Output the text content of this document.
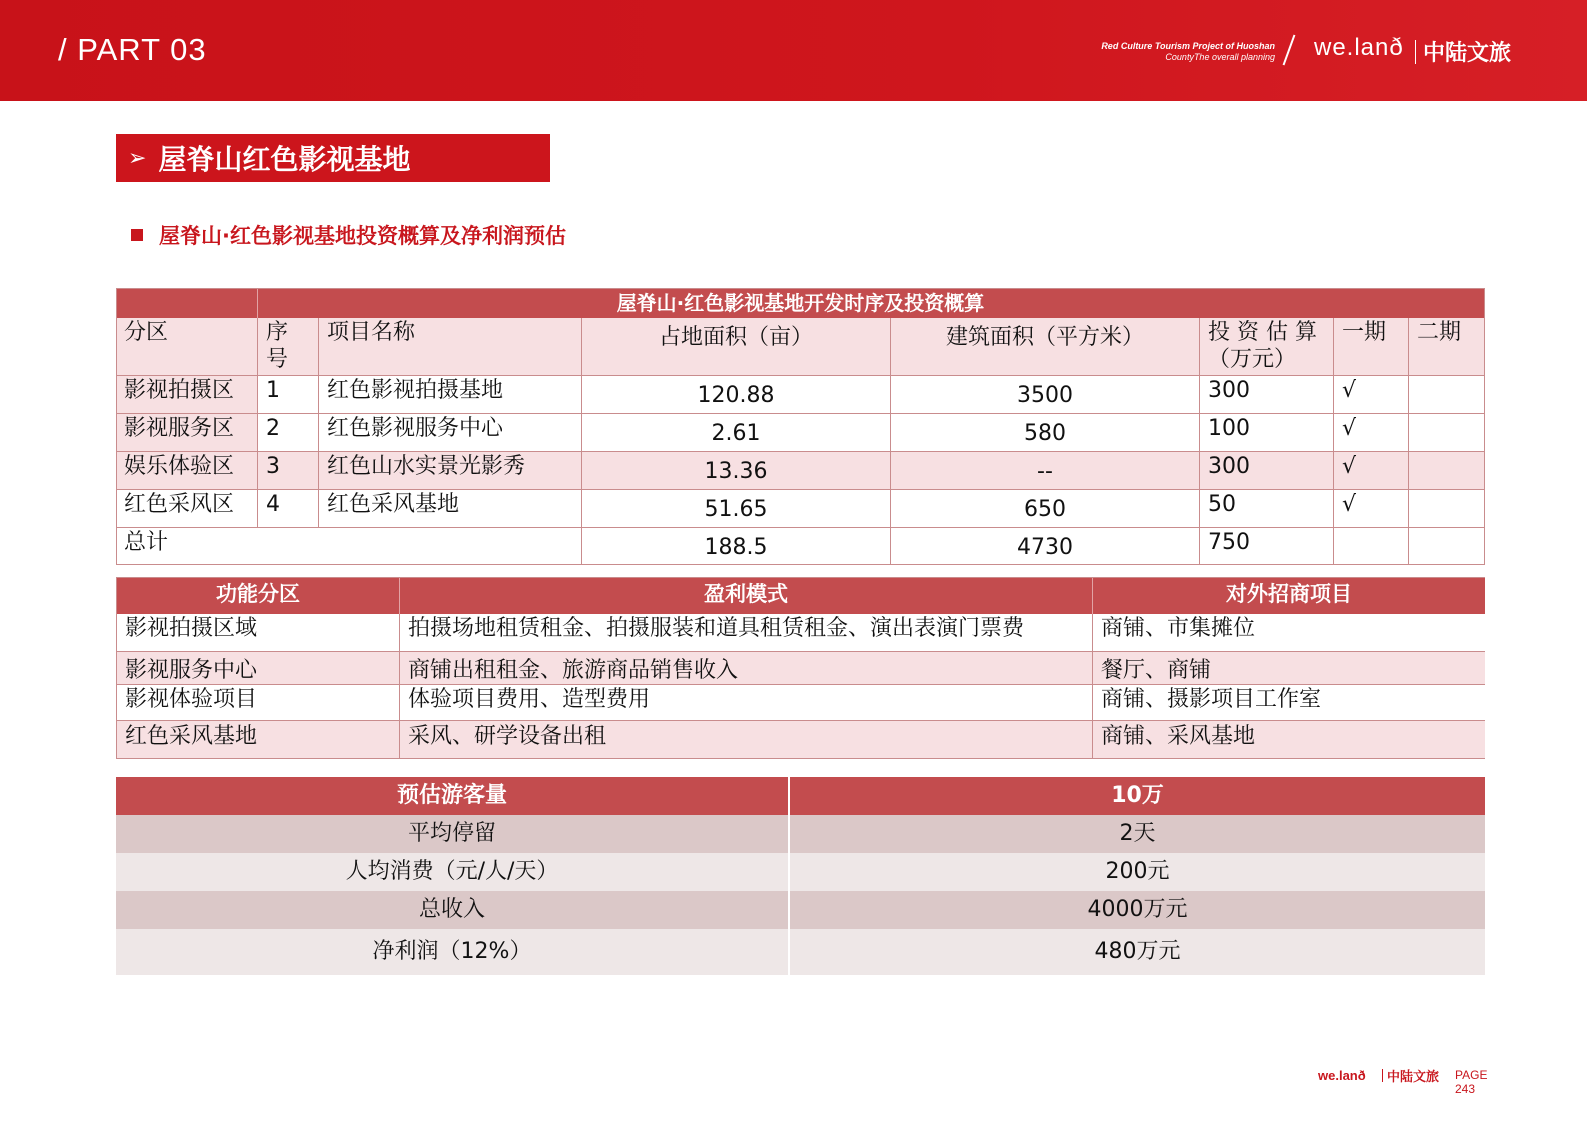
/ PART 03	Red Culture Tourism Project of Huoshan
CountyThe overall planning we.lanð 中陆文旅
➢ 屋脊山红色影视基地
屋脊山·红色影视基地投资概算及净利润预估
屋脊山·红色影视基地开发时序及投资概算
分区	序
号
项目名称	占地面积（亩）	建筑面积（平方米）	投 资 估 算
（万元）
一期	二期
影视拍摄区	1	红色影视拍摄基地	120.88	3500	300	√
影视服务区	2	红色影视服务中心	2.61	580	100	√
娱乐体验区	3	红色山水实景光影秀	13.36	--	300	√
红色采风区	4	红色采风基地	51.65	650	50	√
总计	188.5	4730	750
功能分区	盈利模式	对外招商项目
影视拍摄区域	拍摄场地租赁租金、拍摄服装和道具租赁租金、演出表演门票费	商铺、市集摊位
影视服务中心	商铺出租租金、旅游商品销售收入	餐厅、商铺
影视体验项目	体验项目费用、造型费用	商铺、摄影项目工作室
红色采风基地	采风、研学设备出租	商铺、采风基地
预估游客量	10万
平均停留	2天
人均消费（元/人/天）	200元
总收入	4000万元
净利润（12%）	480万元
we.lanð 中陆文旅 PAGE
243
